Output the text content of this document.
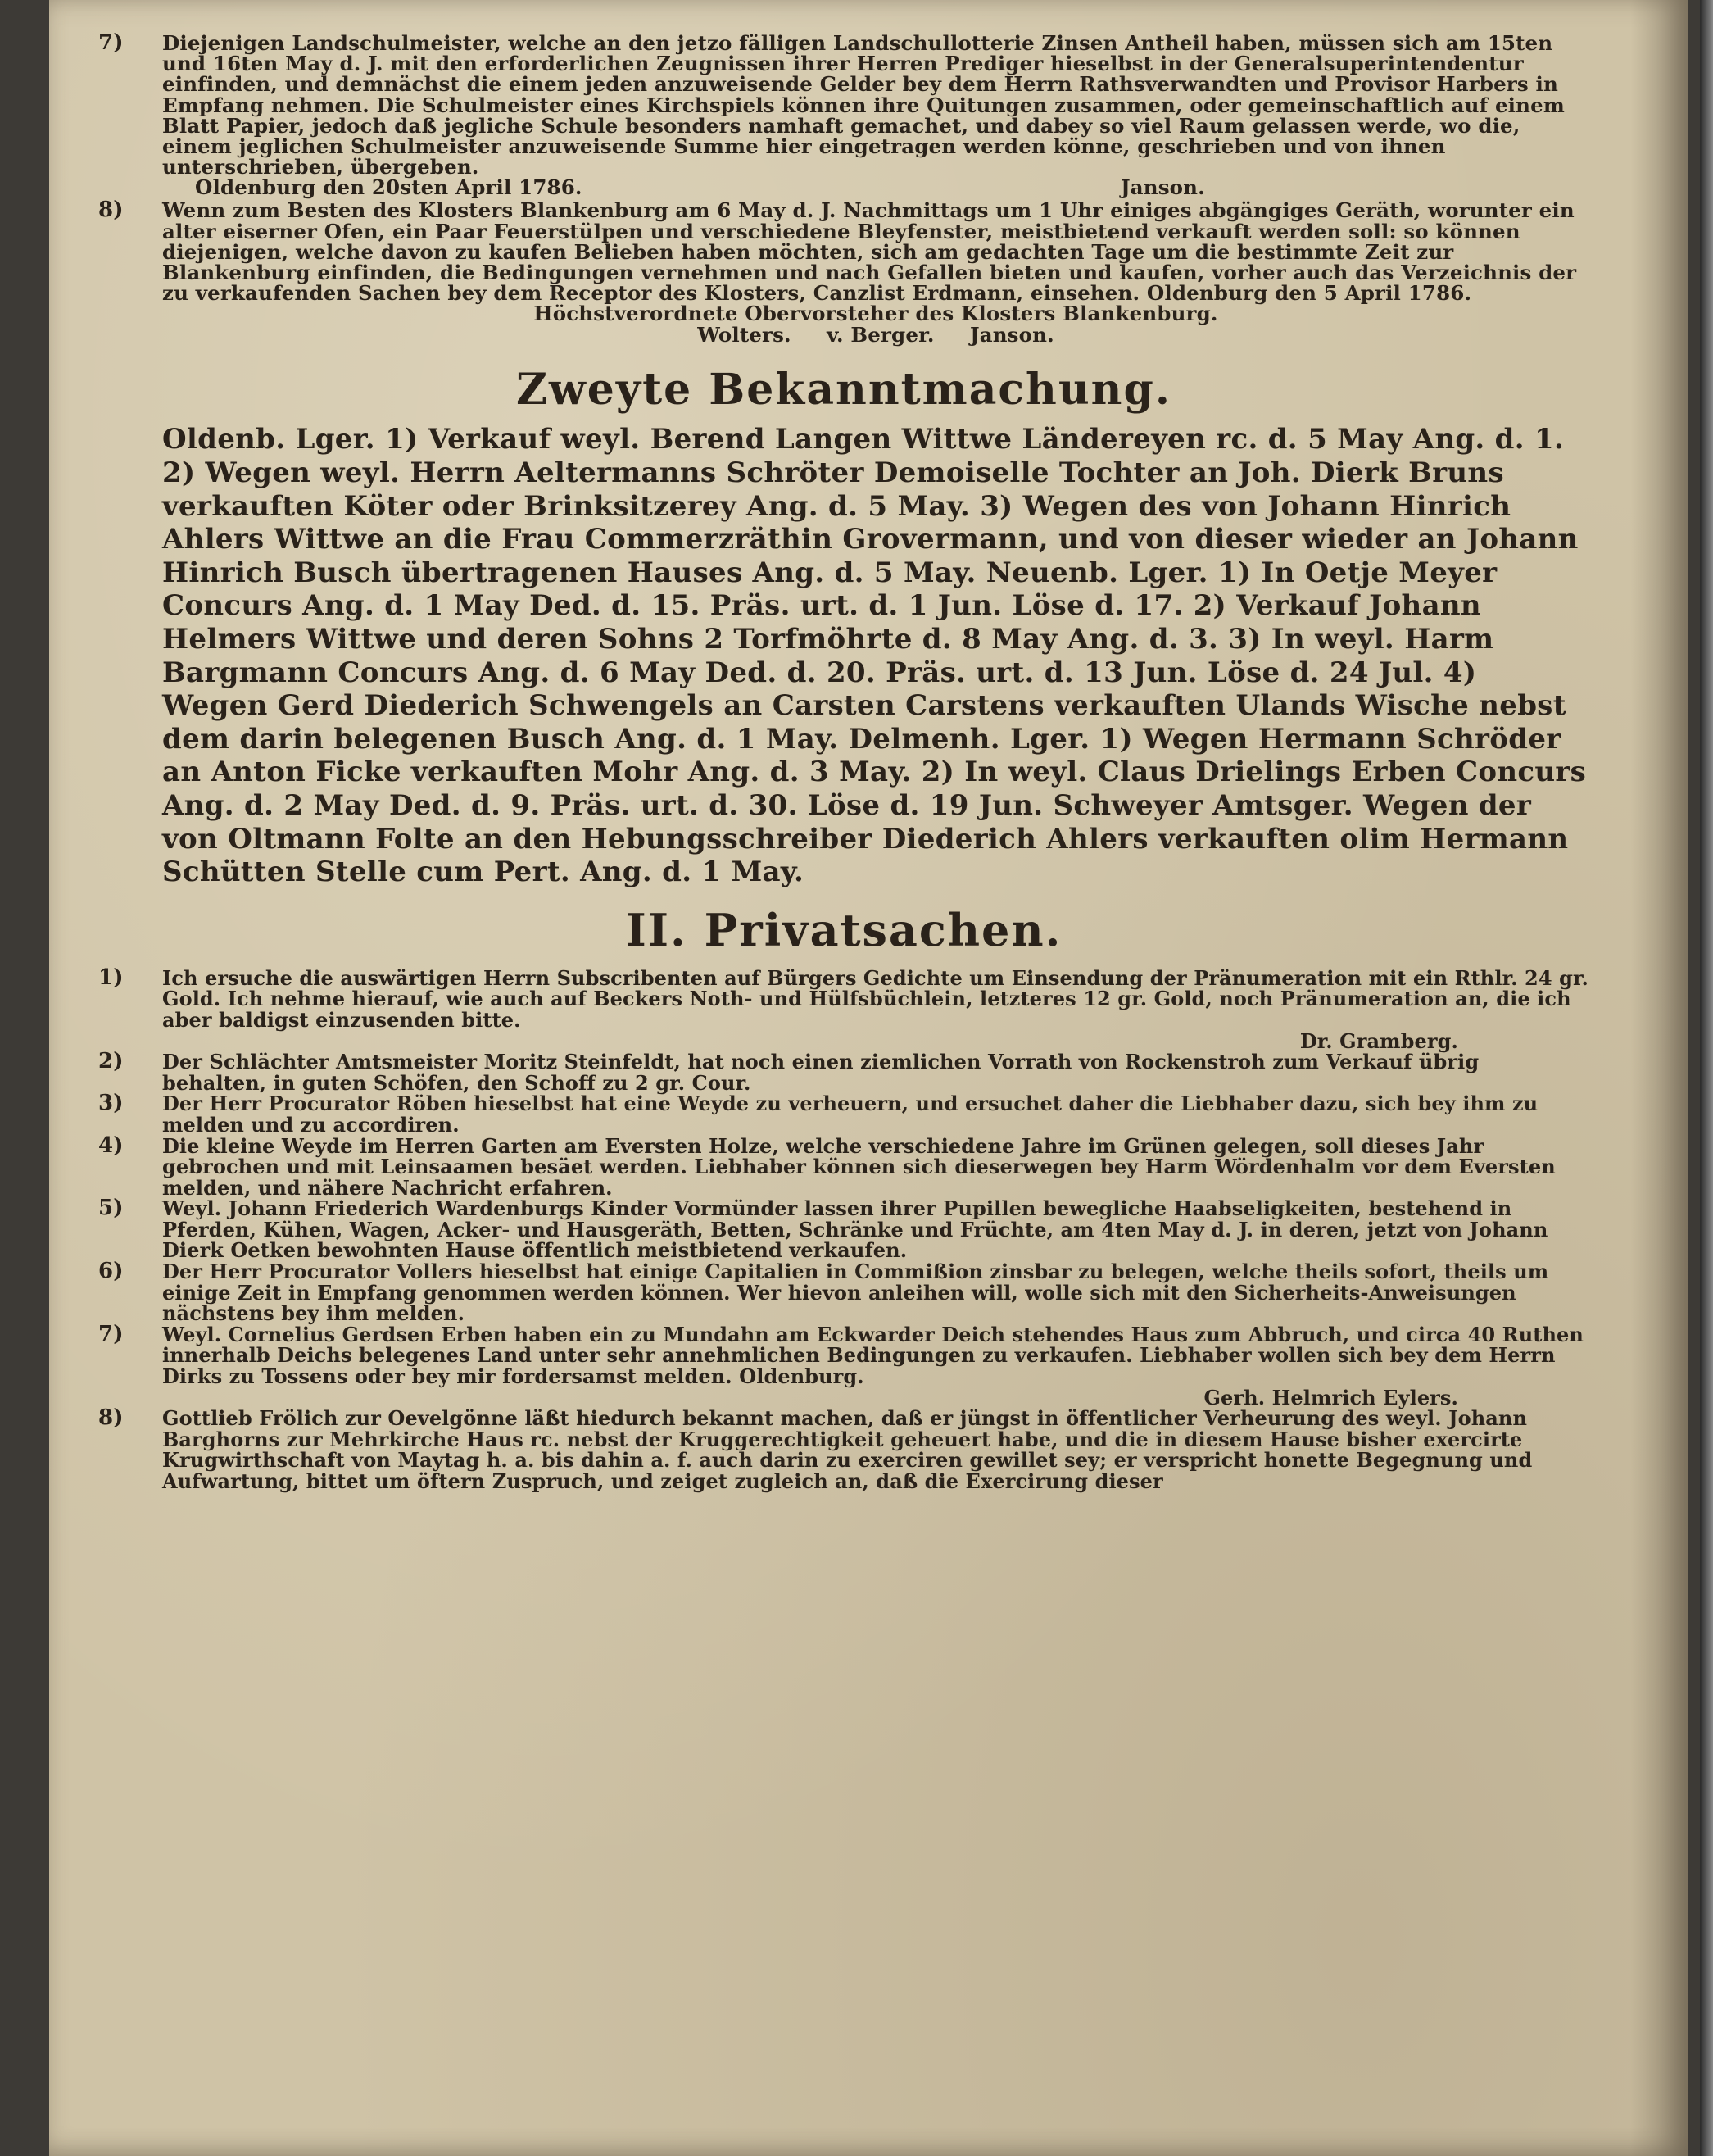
7) Diejenigen Landschulmeister, welche an den jetzo fälligen Landschullotterie Zinsen Antheil haben, müssen sich am 15ten und 16ten May d. J. mit den erforderlichen Zeugnissen ihrer Herren Prediger hieselbst in der Generalsuperintendentur einfinden, und demnächst die einem jeden anzuweisende Gelder bey dem Herrn Rathsverwandten und Provisor Harbers in Empfang nehmen. Die Schulmeister eines Kirchspiels können ihre Quitungen zusammen, oder gemeinschaftlich auf einem Blatt Papier, jedoch daß jegliche Schule besonders namhaft gemachet, und dabey so viel Raum gelassen werde, wo die, einem jeglichen Schulmeister anzuweisende Summe hier eingetragen werden könne, geschrieben und von ihnen unterschrieben, übergeben.
Oldenburg den 20sten April 1786.	Janson.
8) Wenn zum Besten des Klosters Blankenburg am 6 May d. J. Nachmittags um 1 Uhr einiges abgängiges Geräth, worunter ein alter eiserner Ofen, ein Paar Feuerstülpen und verschiedene Bleyfenster, meistbietend verkauft werden soll: so können diejenigen, welche davon zu kaufen Belieben haben möchten, sich am gedachten Tage um die bestimmte Zeit zur Blankenburg einfinden, die Bedingungen vernehmen und nach Gefallen bieten und kaufen, vorher auch das Verzeichnis der zu verkaufenden Sachen bey dem Receptor des Klosters, Canzlist Erdmann, einsehen. Oldenburg den 5 April 1786.
Höchstverordnete Obervorsteher des Klosters Blankenburg.
Wolters.     v. Berger.     Janson.
Zweyte Bekanntmachung.
Oldenb. Lger. 1) Verkauf weyl. Berend Langen Wittwe Ländereyen rc. d. 5 May Ang. d. 1. 2) Wegen weyl. Herrn Aeltermanns Schröter Demoiselle Tochter an Joh. Dierk Bruns verkauften Köter oder Brinksitzerey Ang. d. 5 May. 3) Wegen des von Johann Hinrich Ahlers Wittwe an die Frau Commerzräthin Grovermann, und von dieser wieder an Johann Hinrich Busch übertragenen Hauses Ang. d. 5 May. Neuenb. Lger. 1) In Oetje Meyer Concurs Ang. d. 1 May Ded. d. 15. Präs. urt. d. 1 Jun. Löse d. 17. 2) Verkauf Johann Helmers Wittwe und deren Sohns 2 Torfmöhrte d. 8 May Ang. d. 3. 3) In weyl. Harm Bargmann Concurs Ang. d. 6 May Ded. d. 20. Präs. urt. d. 13 Jun. Löse d. 24 Jul. 4) Wegen Gerd Diederich Schwengels an Carsten Carstens verkauften Ulands Wische nebst dem darin belegenen Busch Ang. d. 1 May. Delmenh. Lger. 1) Wegen Hermann Schröder an Anton Ficke verkauften Mohr Ang. d. 3 May. 2) In weyl. Claus Drielings Erben Concurs Ang. d. 2 May Ded. d. 9. Präs. urt. d. 30. Löse d. 19 Jun. Schweyer Amtsger. Wegen der von Oltmann Folte an den Hebungsschreiber Diederich Ahlers verkauften olim Hermann Schütten Stelle cum Pert. Ang. d. 1 May.
II. Privatsachen.
1) Ich ersuche die auswärtigen Herrn Subscribenten auf Bürgers Gedichte um Einsendung der Pränumeration mit ein Rthlr. 24 gr. Gold. Ich nehme hierauf, wie auch auf Beckers Noth- und Hülfsbüchlein, letzteres 12 gr. Gold, noch Pränumeration an, die ich aber baldigst einzusenden bitte.
Dr. Gramberg.
2) Der Schlächter Amtsmeister Moritz Steinfeldt, hat noch einen ziemlichen Vorrath von Rockenstroh zum Verkauf übrig behalten, in guten Schöfen, den Schoff zu 2 gr. Cour.
3) Der Herr Procurator Röben hieselbst hat eine Weyde zu verheuern, und ersuchet daher die Liebhaber dazu, sich bey ihm zu melden und zu accordiren.
4) Die kleine Weyde im Herren Garten am Eversten Holze, welche verschiedene Jahre im Grünen gelegen, soll dieses Jahr gebrochen und mit Leinsaamen besäet werden. Liebhaber können sich dieserwegen bey Harm Wördenhalm vor dem Eversten melden, und nähere Nachricht erfahren.
5) Weyl. Johann Friederich Wardenburgs Kinder Vormünder lassen ihrer Pupillen bewegliche Haabseligkeiten, bestehend in Pferden, Kühen, Wagen, Acker- und Hausgeräth, Betten, Schränke und Früchte, am 4ten May d. J. in deren, jetzt von Johann Dierk Oetken bewohnten Hause öffentlich meistbietend verkaufen.
6) Der Herr Procurator Vollers hieselbst hat einige Capitalien in Commißion zinsbar zu belegen, welche theils sofort, theils um einige Zeit in Empfang genommen werden können. Wer hievon anleihen will, wolle sich mit den Sicherheits-Anweisungen nächstens bey ihm melden.
7) Weyl. Cornelius Gerdsen Erben haben ein zu Mundahn am Eckwarder Deich stehendes Haus zum Abbruch, und circa 40 Ruthen innerhalb Deichs belegenes Land unter sehr annehmlichen Bedingungen zu verkaufen. Liebhaber wollen sich bey dem Herrn Dirks zu Tossens oder bey mir fordersamst melden. Oldenburg.
Gerh. Helmrich Eylers.
8) Gottlieb Frölich zur Oevelgönne läßt hiedurch bekannt machen, daß er jüngst in öffentlicher Verheurung des weyl. Johann Barghorns zur Mehrkirche Haus rc. nebst der Kruggerechtigkeit geheuert habe, und die in diesem Hause bisher exercirte Krugwirthschaft von Maytag h. a. bis dahin a. f. auch darin zu exerciren gewillet sey; er verspricht honette Begegnung und Aufwartung, bittet um öftern Zuspruch, und zeiget zugleich an, daß die Exercirung dieser
